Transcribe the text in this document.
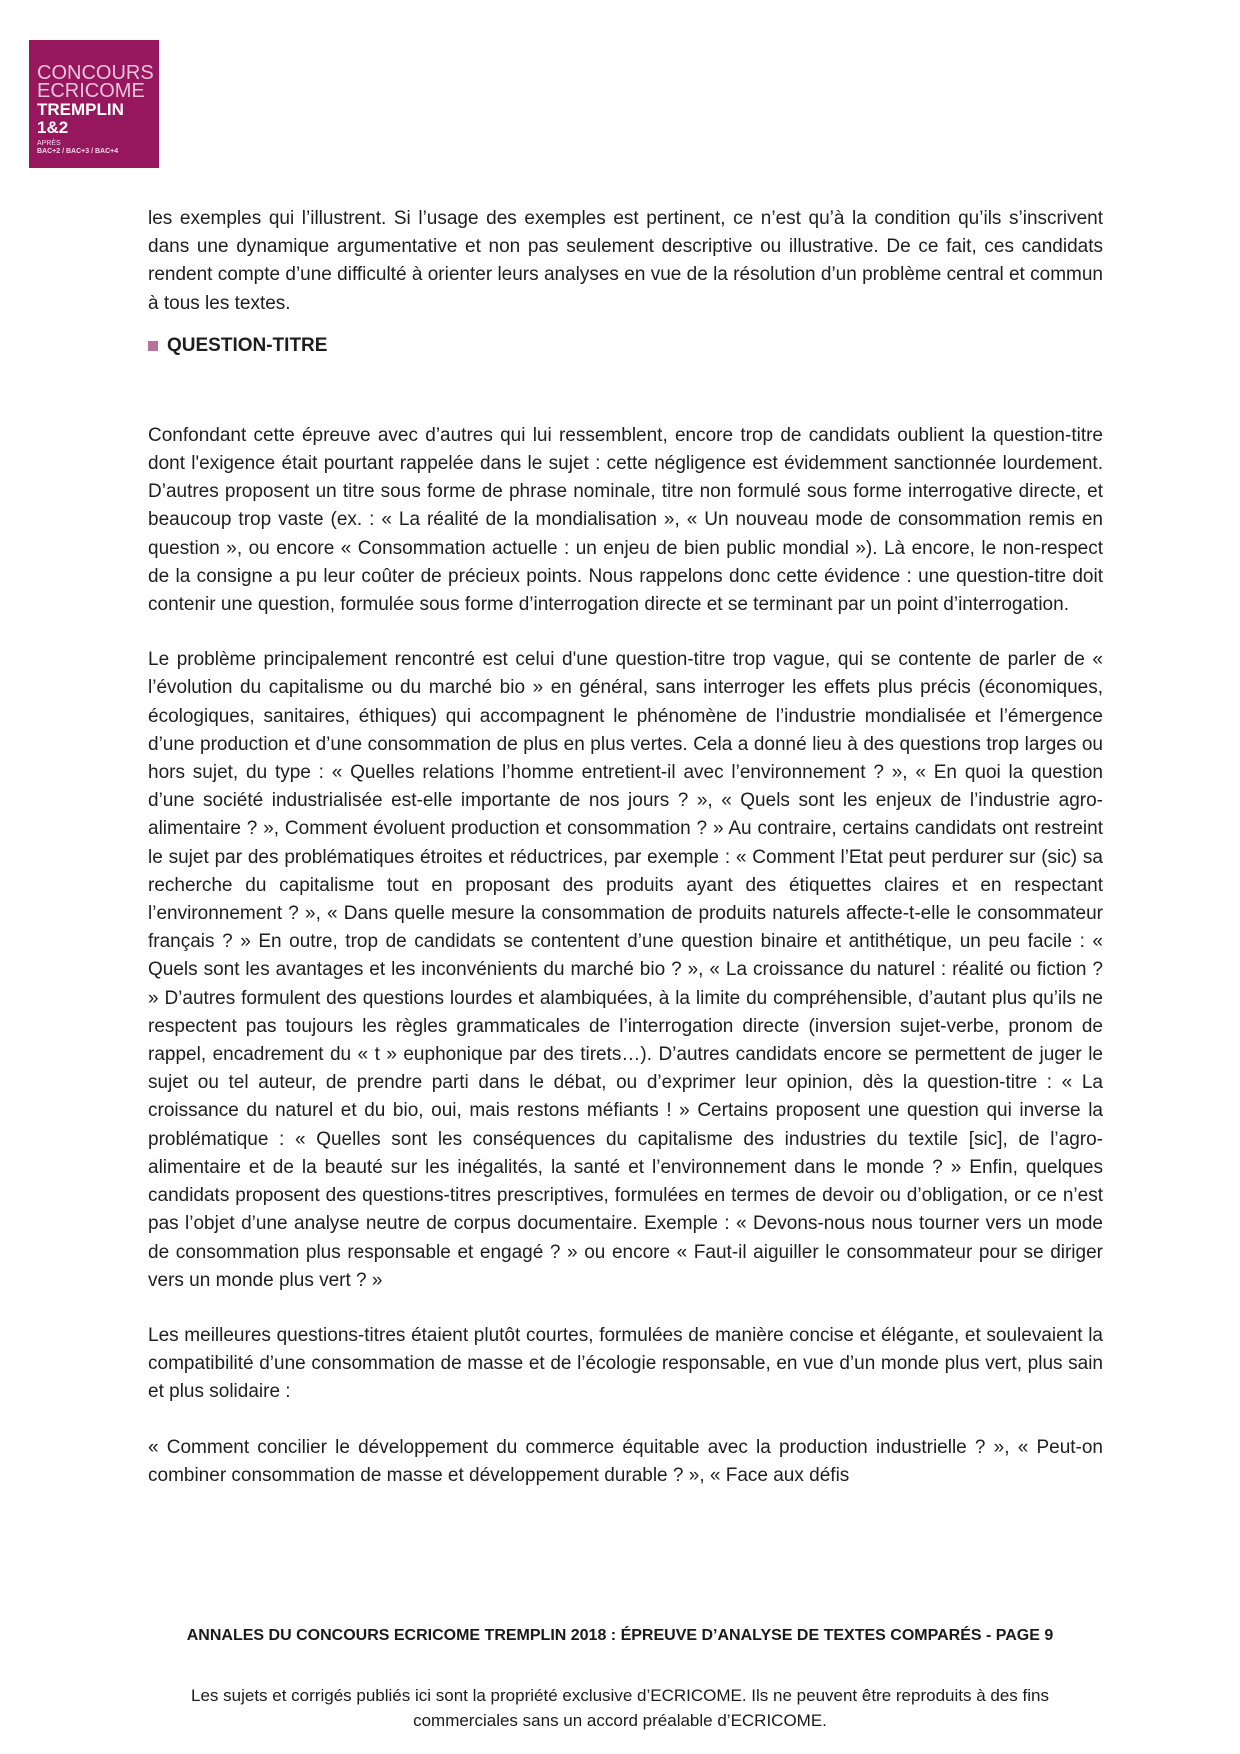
CONCOURS
ECRICOME
TREMPLIN 1&2
APRÈS
BAC+2 / BAC+3 / BAC+4

les exemples qui l’illustrent. Si l’usage des exemples est pertinent, ce n’est qu’à la condition qu’ils s’inscrivent dans une dynamique argumentative et non pas seulement descriptive ou illustrative. De ce fait, ces candidats rendent compte d’une difficulté à orienter leurs analyses en vue de la résolution d’un problème central et commun à tous les textes.

QUESTION-TITRE

Confondant cette épreuve avec d’autres qui lui ressemblent, encore trop de candidats oublient la question-titre dont l'exigence était pourtant rappelée dans le sujet : cette négligence est évidemment sanctionnée lourdement. D’autres proposent un titre sous forme de phrase nominale, titre non formulé sous forme interrogative directe, et beaucoup trop vaste (ex. : « La réalité de la mondialisation », « Un nouveau mode de consommation remis en question », ou encore « Consommation actuelle : un enjeu de bien public mondial »). Là encore, le non-respect de la consigne a pu leur coûter de précieux points. Nous rappelons donc cette évidence : une question-titre doit contenir une question, formulée sous forme d’interrogation directe et se terminant par un point d’interrogation.

Le problème principalement rencontré est celui d'une question-titre trop vague, qui se contente de parler de « l’évolution du capitalisme ou du marché bio » en général, sans interroger les effets plus précis (économiques, écologiques, sanitaires, éthiques) qui accompagnent le phénomène de l’industrie mondialisée et l’émergence d’une production et d’une consommation de plus en plus vertes. Cela a donné lieu à des questions trop larges ou hors sujet, du type : « Quelles relations l’homme entretient-il avec l’environnement ? », « En quoi la question d’une société industrialisée est-elle importante de nos jours ? », « Quels sont les enjeux de l’industrie agro-alimentaire ? », Comment évoluent production et consommation ? » Au contraire, certains candidats ont restreint le sujet par des problématiques étroites et réductrices, par exemple : « Comment l’Etat peut perdurer sur (sic) sa recherche du capitalisme tout en proposant des produits ayant des étiquettes claires et en respectant l’environnement ? », « Dans quelle mesure la consommation de produits naturels affecte-t-elle le consommateur français ? » En outre, trop de candidats se contentent d’une question binaire et antithétique, un peu facile : « Quels sont les avantages et les inconvénients du marché bio ? », « La croissance du naturel : réalité ou fiction ? » D’autres formulent des questions lourdes et alambiquées, à la limite du compréhensible, d’autant plus qu’ils ne respectent pas toujours les règles grammaticales de l’interrogation directe (inversion sujet-verbe, pronom de rappel, encadrement du « t » euphonique par des tirets…). D’autres candidats encore se permettent de juger le sujet ou tel auteur, de prendre parti dans le débat, ou d’exprimer leur opinion, dès la question-titre : « La croissance du naturel et du bio, oui, mais restons méfiants ! » Certains proposent une question qui inverse la problématique : « Quelles sont les conséquences du capitalisme des industries du textile [sic], de l’agro-alimentaire et de la beauté sur les inégalités, la santé et l’environnement dans le monde ? » Enfin, quelques candidats proposent des questions-titres prescriptives, formulées en termes de devoir ou d’obligation, or ce n’est pas l’objet d’une analyse neutre de corpus documentaire. Exemple : « Devons-nous nous tourner vers un mode de consommation plus responsable et engagé ? » ou encore « Faut-il aiguiller le consommateur pour se diriger vers un monde plus vert ? »

Les meilleures questions-titres étaient plutôt courtes, formulées de manière concise et élégante, et soulevaient la compatibilité d’une consommation de masse et de l’écologie responsable, en vue d’un monde plus vert, plus sain et plus solidaire :

« Comment concilier le développement du commerce équitable avec la production industrielle ? », « Peut-on combiner consommation de masse et développement durable ? », « Face aux défis

ANNALES DU CONCOURS ECRICOME TREMPLIN 2018 : ÉPREUVE D’ANALYSE DE TEXTES COMPARÉS - PAGE 9
Les sujets et corrigés publiés ici sont la propriété exclusive d’ECRICOME. Ils ne peuvent être reproduits à des fins commerciales sans un accord préalable d’ECRICOME.
